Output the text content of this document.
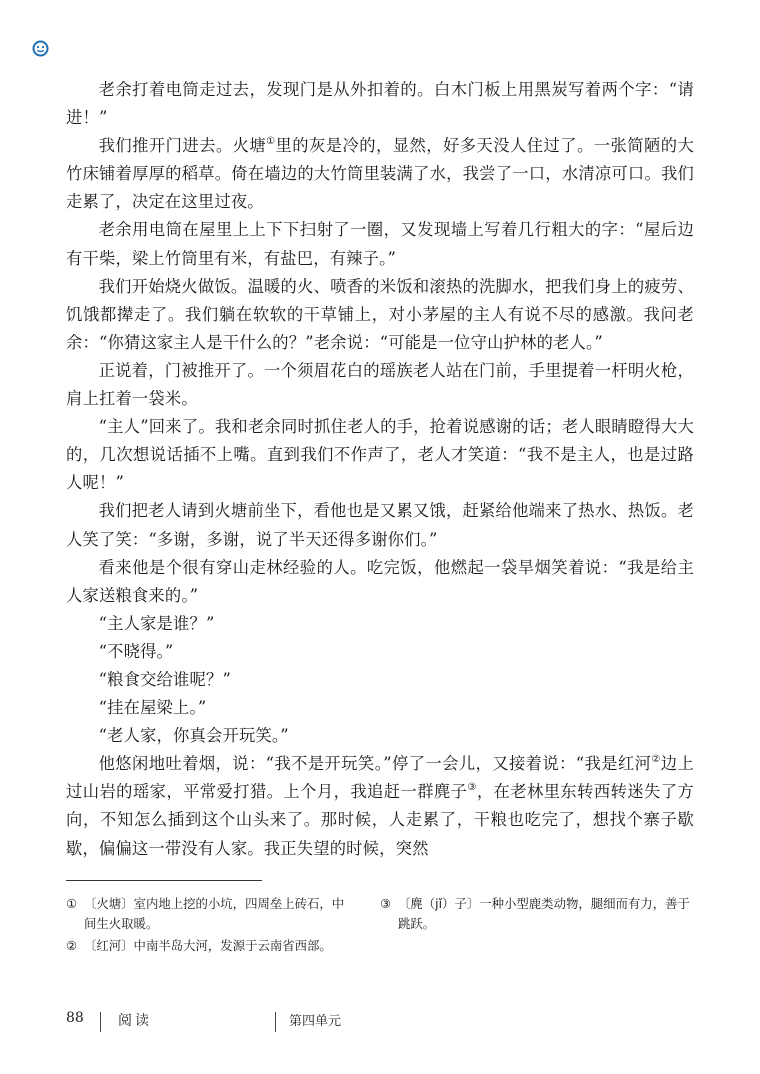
老余打着电筒走过去，发现门是从外扣着的。白木门板上用黑炭写着两个字：“请进！”

我们推开门进去。火塘①里的灰是冷的，显然，好多天没人住过了。一张简陋的大竹床铺着厚厚的稻草。倚在墙边的大竹筒里装满了水，我尝了一口，水清凉可口。我们走累了，决定在这里过夜。

老余用电筒在屋里上上下下扫射了一圈，又发现墙上写着几行粗大的字：“屋后边有干柴，梁上竹筒里有米，有盐巴，有辣子。”

我们开始烧火做饭。温暖的火、喷香的米饭和滚热的洗脚水，把我们身上的疲劳、饥饿都撵走了。我们躺在软软的干草铺上，对小茅屋的主人有说不尽的感激。我问老余：“你猜这家主人是干什么的？”老余说：“可能是一位守山护林的老人。”

正说着，门被推开了。一个须眉花白的瑶族老人站在门前，手里提着一杆明火枪，肩上扛着一袋米。

“主人”回来了。我和老余同时抓住老人的手，抢着说感谢的话；老人眼睛瞪得大大的，几次想说话插不上嘴。直到我们不作声了，老人才笑道：“我不是主人，也是过路人呢！”

我们把老人请到火塘前坐下，看他也是又累又饿，赶紧给他端来了热水、热饭。老人笑了笑：“多谢，多谢，说了半天还得多谢你们。”

看来他是个很有穿山走林经验的人。吃完饭，他燃起一袋旱烟笑着说：“我是给主人家送粮食来的。”

“主人家是谁？”

“不晓得。”

“粮食交给谁呢？”

“挂在屋梁上。”

“老人家，你真会开玩笑。”

他悠闲地吐着烟，说：“我不是开玩笑。”停了一会儿，又接着说：“我是红河②边上过山岩的瑶家，平常爱打猎。上个月，我追赶一群麂子③，在老林里东转西转迷失了方向，不知怎么插到这个山头来了。那时候，人走累了，干粮也吃完了，想找个寨子歇歇，偏偏这一带没有人家。我正失望的时候，突然

① 〔火塘〕室内地上挖的小坑，四周垒上砖石，中间生火取暖。
② 〔红河〕中南半岛大河，发源于云南省西部。
③ 〔麂（jǐ）子〕一种小型鹿类动物，腿细而有力，善于跳跃。
88 阅读	第四单元
